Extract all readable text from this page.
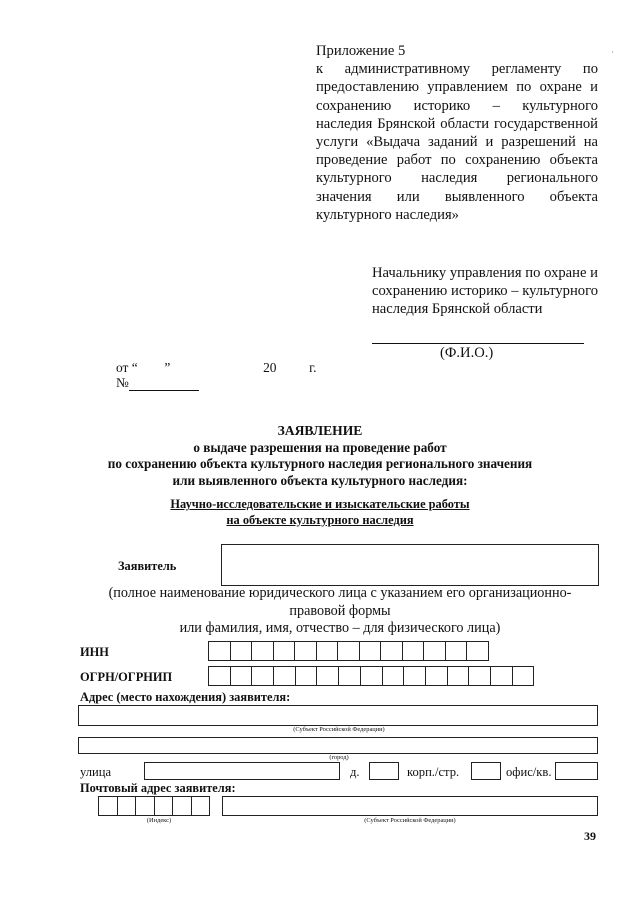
·
Приложение 5
к административному регламенту по предоставлению управлением по охране и сохранению историко – культурного наследия Брянской области государственной услуги «Выдача заданий и разрешений на проведение работ по сохранению объекта культурного наследия регионального значения или выявленного объекта культурного наследия»
Начальнику управления по охране и сохранению историко – культурного наследия Брянской области
(Ф.И.О.)
от “ ”	20 г.
№
ЗАЯВЛЕНИЕ
о выдаче разрешения на проведение работ
по сохранению объекта культурного наследия регионального значения
или выявленного объекта культурного наследия:
Научно-исследовательские и изыскательские работы
на объекте культурного наследия
Заявитель
(полное наименование юридического лица с указанием его организационно-
правовой формы
или фамилия, имя, отчество – для физического лица)
ИНН
ОГРН/ОГРНИП
Адрес (место нахождения) заявителя:
(Субъект Российской Федерации)
(город)
улица	д.	корп./стр.	офис/кв.
Почтовый адрес заявителя:
(Индекс)	(Субъект Российской Федерации)
39
